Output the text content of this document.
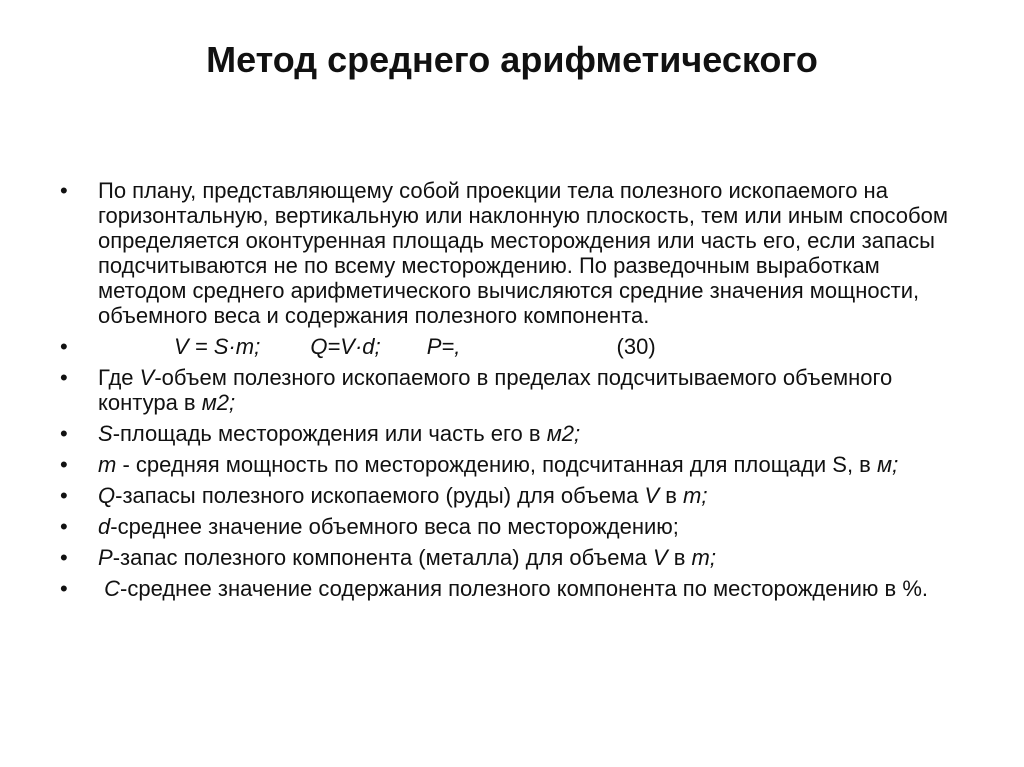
Метод среднего арифметического
• По плану, представляющему собой проекции тела полезного ископаемого на горизонтальную, вертикальную или наклонную плоскость, тем или иным способом определяется оконтуренная площадь месторождения или часть его, если запасы подсчитываются не по всему месторождению. По разведочным выработкам методом среднего арифметического вычисляются средние значения мощности, объемного веса и содержания полезного компонента.
•	V = S·m; Q=V·d; P=,	(30)
• Где V-объем полезного ископаемого в пределах подсчитываемого объемного контура в м2;
• S-площадь месторождения или часть его в м2;
• m - средняя мощность по месторождению, подсчитанная для площади S, в м;
• Q-запасы полезного ископаемого (руды) для объема V в т;
• d-среднее значение объемного веса по месторождению;
• P-запас полезного компонента (металла) для объема V в т;
• C-среднее значение содержания полезного компонента по месторождению в %.
